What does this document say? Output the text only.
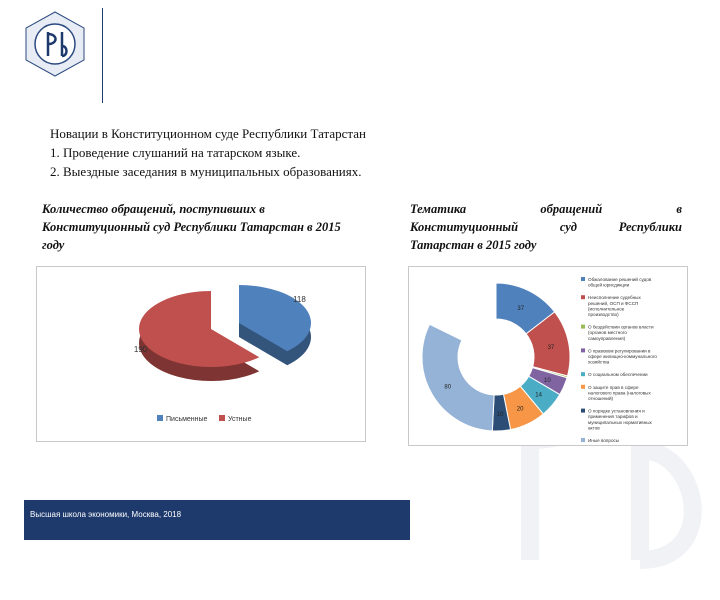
Новации в Конституционном суде Республики Татарстан
1. Проведение слушаний на татарском языке.
2. Выездные заседания в муниципальных образованиях.
Количество обращений, поступивших в Конституционный суд Республики Татарстан в 2015 году
Тематика	обращений	в
Конституционный	суд	Республики
Татарстан в 2015 году
118
190
Письменные	Устные
37
37
10
14
20
10
80
Обжалование решений судов общей юрисдикции
Неисполнение судебных решений, ОСП и ФССП (исполнительное производство)
О бездействии органов власти (органов местного самоуправления)
О правовом регулировании в сфере жилищно-коммунального хозяйства
О социальном обеспечении
О защите прав в сфере налогового права (налоговых отношений)
О порядке установления и применения тарифов и муниципальных нормативных актов
Иные вопросы
Высшая школа экономики, Москва, 2018
